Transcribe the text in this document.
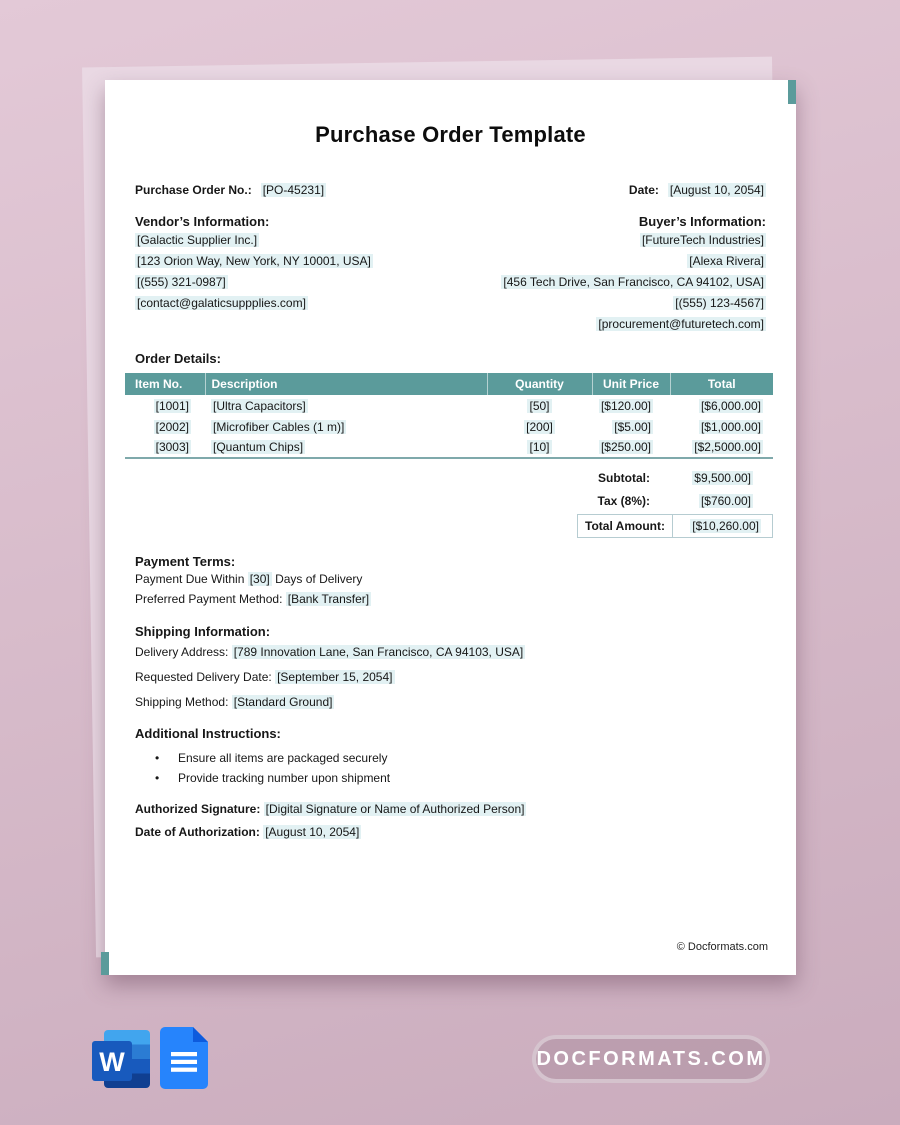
Purchase Order Template
Purchase Order No.: [PO-45231]	Date: [August 10, 2054]
Vendor’s Information:
[Galactic Supplier Inc.]
[123 Orion Way, New York, NY 10001, USA]
[(555) 321-0987]
[contact@galaticsuppplies.com]
Buyer’s Information:
[FutureTech Industries]
[Alexa Rivera]
[456 Tech Drive, San Francisco, CA 94102, USA]
[(555) 123-4567]
[procurement@futuretech.com]
Order Details:
Item No.	Description	Quantity	Unit Price	Total
[1001]	[Ultra Capacitors]	[50]	[$120.00]	[$6,000.00]
[2002]	[Microfiber Cables (1 m)]	[200]	[$5.00]	[$1,000.00]
[3003]	[Quantum Chips]	[10]	[$250.00]	[$2,5000.00]
Subtotal:	$9,500.00]
Tax (8%):	[$760.00]
Total Amount:	[$10,260.00]
Payment Terms:
Payment Due Within [30] Days of Delivery
Preferred Payment Method: [Bank Transfer]
Shipping Information:
Delivery Address: [789 Innovation Lane, San Francisco, CA 94103, USA]
Requested Delivery Date: [September 15, 2054]
Shipping Method: [Standard Ground]
Additional Instructions:
•	Ensure all items are packaged securely
•	Provide tracking number upon shipment
Authorized Signature: [Digital Signature or Name of Authorized Person]
Date of Authorization: [August 10, 2054]
© Docformats.com
W	DOCFORMATS.COM
